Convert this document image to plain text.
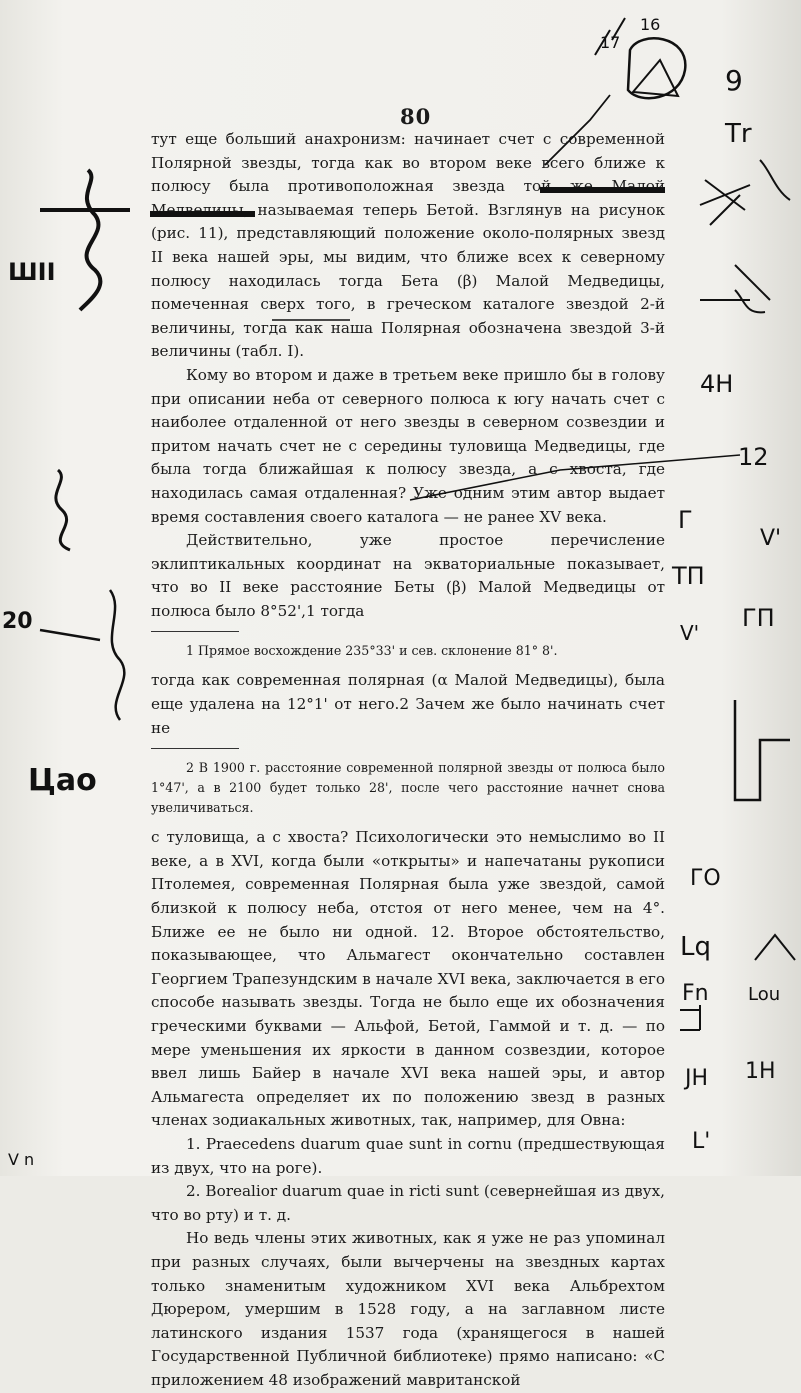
80

тут еще больший анахронизм: начинает счет с современной Полярной звезды, тогда как во втором веке всего ближе к полюсу была противоположная звезда той же Малой Медведицы, называемая теперь Бетой. Взглянув на рисунок (рис. 11), представляющий положение около-полярных звезд II века нашей эры, мы видим, что ближе всех к северному полюсу находилась тогда Бета (β) Малой Медведицы, помеченная сверх того, в греческом каталоге звездой 2-й величины, тогда как наша Полярная обозначена звездой 3-й величины (табл. I).

Кому во втором и даже в третьем веке пришло бы в голову при описании неба от северного полюса к югу начать счет с наиболее отдаленной от него звезды в северном созвездии и притом начать счет не с середины туловища Медведицы, где была тогда ближайшая к полюсу звезда, а с хвоста, где находилась самая отдаленная? Уже одним этим автор выдает время составления своего каталога — не ранее XV века.

Действительно, уже простое перечисление эклиптикальных координат на экваториальные показывает, что во II веке расстояние Беты (β) Малой Медведицы от полюса было 8°52',1 тогда

1 Прямое восхождение 235°33' и сев. склонение 81° 8'.

тогда как современная полярная (α Малой Медведицы), была еще удалена на 12°1' от него.2 Зачем же было начинать счет не

2 В 1900 г. расстояние современной полярной звезды от полюса было 1°47', а в 2100 будет только 28', после чего расстояние начнет снова увеличиваться.

с туловища, а с хвоста? Психологически это немыслимо во II веке, а в XVI, когда были «открыты» и напечатаны рукописи Птолемея, современная Полярная была уже звездой, самой близкой к полюсу неба, отстоя от него менее, чем на 4°. Ближе ее не было ни одной. 12. Второе обстоятельство, показывающее, что Альмагест окончательно составлен Георгием Трапезундским в начале XVI века, заключается в его способе называть звезды. Тогда не было еще их обозначения греческими буквами — Альфой, Бетой, Гаммой и т. д. — по мере уменьшения их яркости в данном созвездии, которое ввел лишь Байер в начале XVI века нашей эры, и автор Альмагеста определяет их по положению звезд в разных членах зодиакальных животных, так, например, для Овна:

1. Praecedens duarum quae sunt in cornu (предшествующая из двух, что на роге).

2. Borealior duarum quae in ricti sunt (севернейшая из двух, что во рту) и т. д.

Но ведь члены этих животных, как я уже не раз упоминал при разных случаях, были вычерчены на звездных картах только знаменитым художником XVI века Альбрехтом Дюрером, умершим в 1528 году, а на заглавном листе латинского издания 1537 года (хранящегося в нашей Государственной Публичной библиотеке) прямо написано: «С приложением 48 изображений мавританской

17
16
9
Тr
4H
12
Г
V'
ТП
ГП
V'
ГО
Lq
Fn Lou
JH 1H
L'
ШII
20
Цао
V n
